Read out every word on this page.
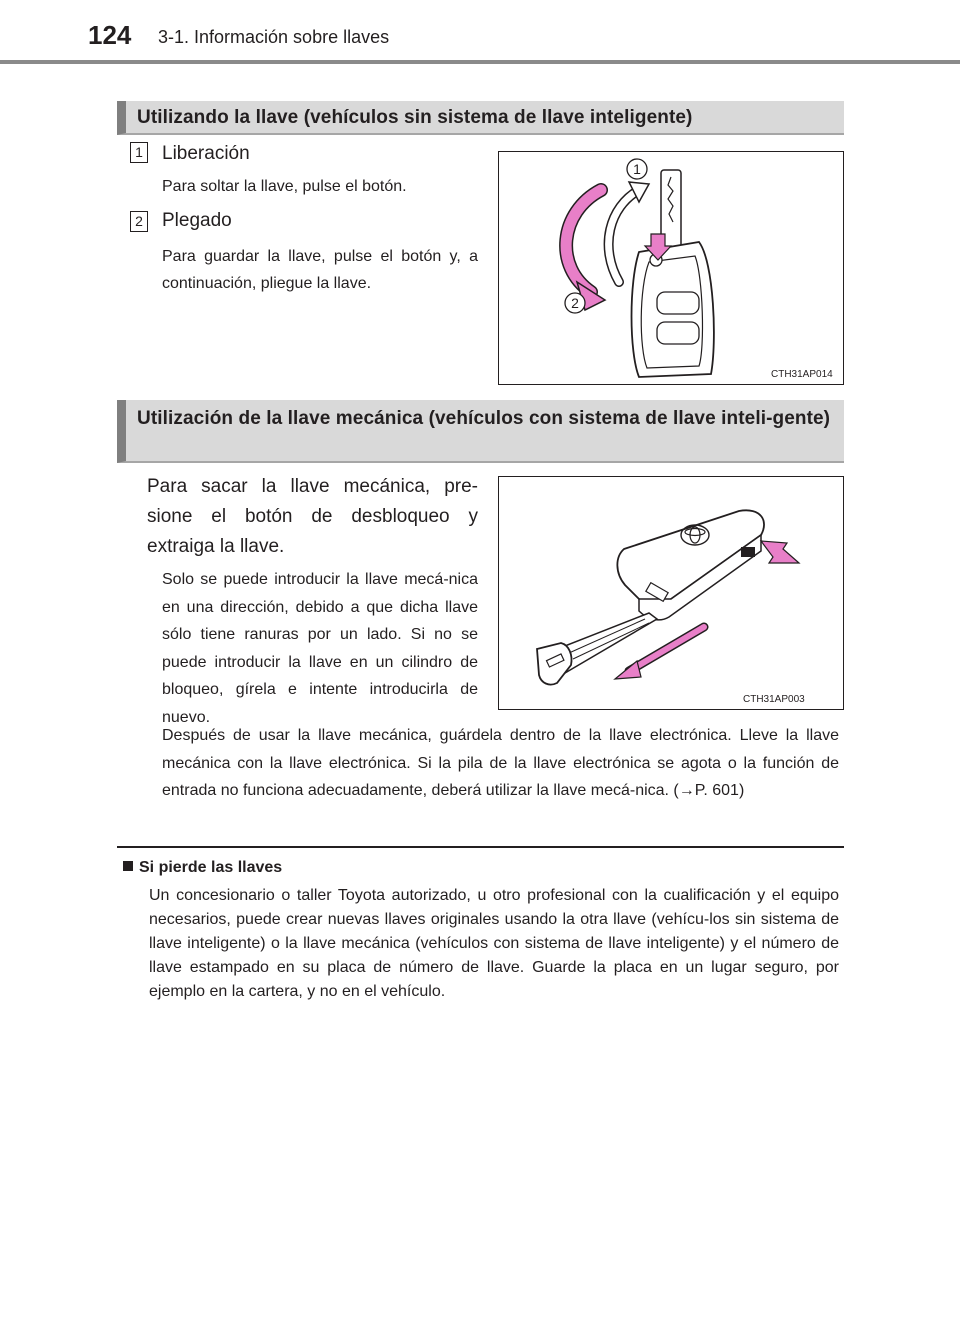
124 3-1. Información sobre llaves
Utilizando la llave (vehículos sin sistema de llave inteligente)
1 Liberación
Para soltar la llave, pulse el botón.
2 Plegado
Para guardar la llave, pulse el botón y, a continuación, pliegue la llave.
1
2
CTH31AP014
Utilización de la llave mecánica (vehículos con sistema de llave inteli-gente)
Para sacar la llave mecánica, pre-sione el botón de desbloqueo y extraiga la llave.
Solo se puede introducir la llave mecá-nica en una dirección, debido a que dicha llave sólo tiene ranuras por un lado. Si no se puede introducir la llave en un cilindro de bloqueo, gírela e intente introducirla de nuevo.
Después de usar la llave mecánica, guárdela dentro de la llave electrónica. Lleve la llave mecánica con la llave electrónica. Si la pila de la llave electrónica se agota o la función de entrada no funciona adecuadamente, deberá utilizar la llave mecá-nica. (→P. 601)
CTH31AP003
Si pierde las llaves
Un concesionario o taller Toyota autorizado, u otro profesional con la cualificación y el equipo necesarios, puede crear nuevas llaves originales usando la otra llave (vehícu-los sin sistema de llave inteligente) o la llave mecánica (vehículos con sistema de llave inteligente) y el número de llave estampado en su placa de número de llave. Guarde la placa en un lugar seguro, por ejemplo en la cartera, y no en el vehículo.
